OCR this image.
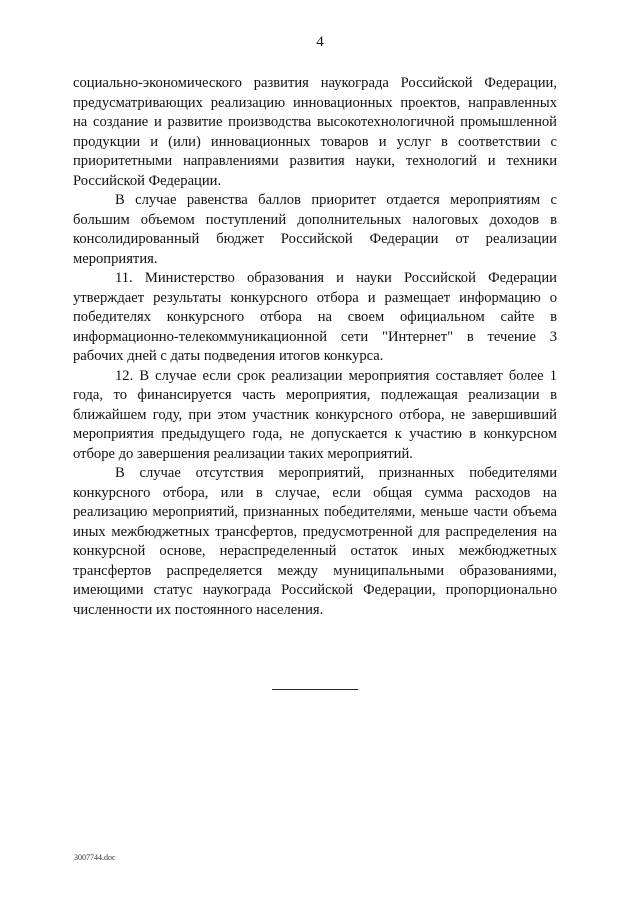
4

социально-экономического развития наукограда Российской Федерации, предусматривающих реализацию инновационных проектов, направленных на создание и развитие производства высокотехнологичной промышленной продукции и (или) инновационных товаров и услуг в соответствии с приоритетными направлениями развития науки, технологий и техники Российской Федерации.

В случае равенства баллов приоритет отдается мероприятиям с большим объемом поступлений дополнительных налоговых доходов в консолидированный бюджет Российской Федерации от реализации мероприятия.

11. Министерство образования и науки Российской Федерации утверждает результаты конкурсного отбора и размещает информацию о победителях конкурсного отбора на своем официальном сайте в информационно-телекоммуникационной сети "Интернет" в течение 3 рабочих дней с даты подведения итогов конкурса.

12. В случае если срок реализации мероприятия составляет более 1 года, то финансируется часть мероприятия, подлежащая реализации в ближайшем году, при этом участник конкурсного отбора, не завершивший мероприятия предыдущего года, не допускается к участию в конкурсном отборе до завершения реализации таких мероприятий.

В случае отсутствия мероприятий, признанных победителями конкурсного отбора, или в случае, если общая сумма расходов на реализацию мероприятий, признанных победителями, меньше части объема иных межбюджетных трансфертов, предусмотренной для распределения на конкурсной основе, нераспределенный остаток иных межбюджетных трансфертов распределяется между муниципальными образованиями, имеющими статус наукограда Российской Федерации, пропорционально численности их постоянного населения.

3007744.doc
